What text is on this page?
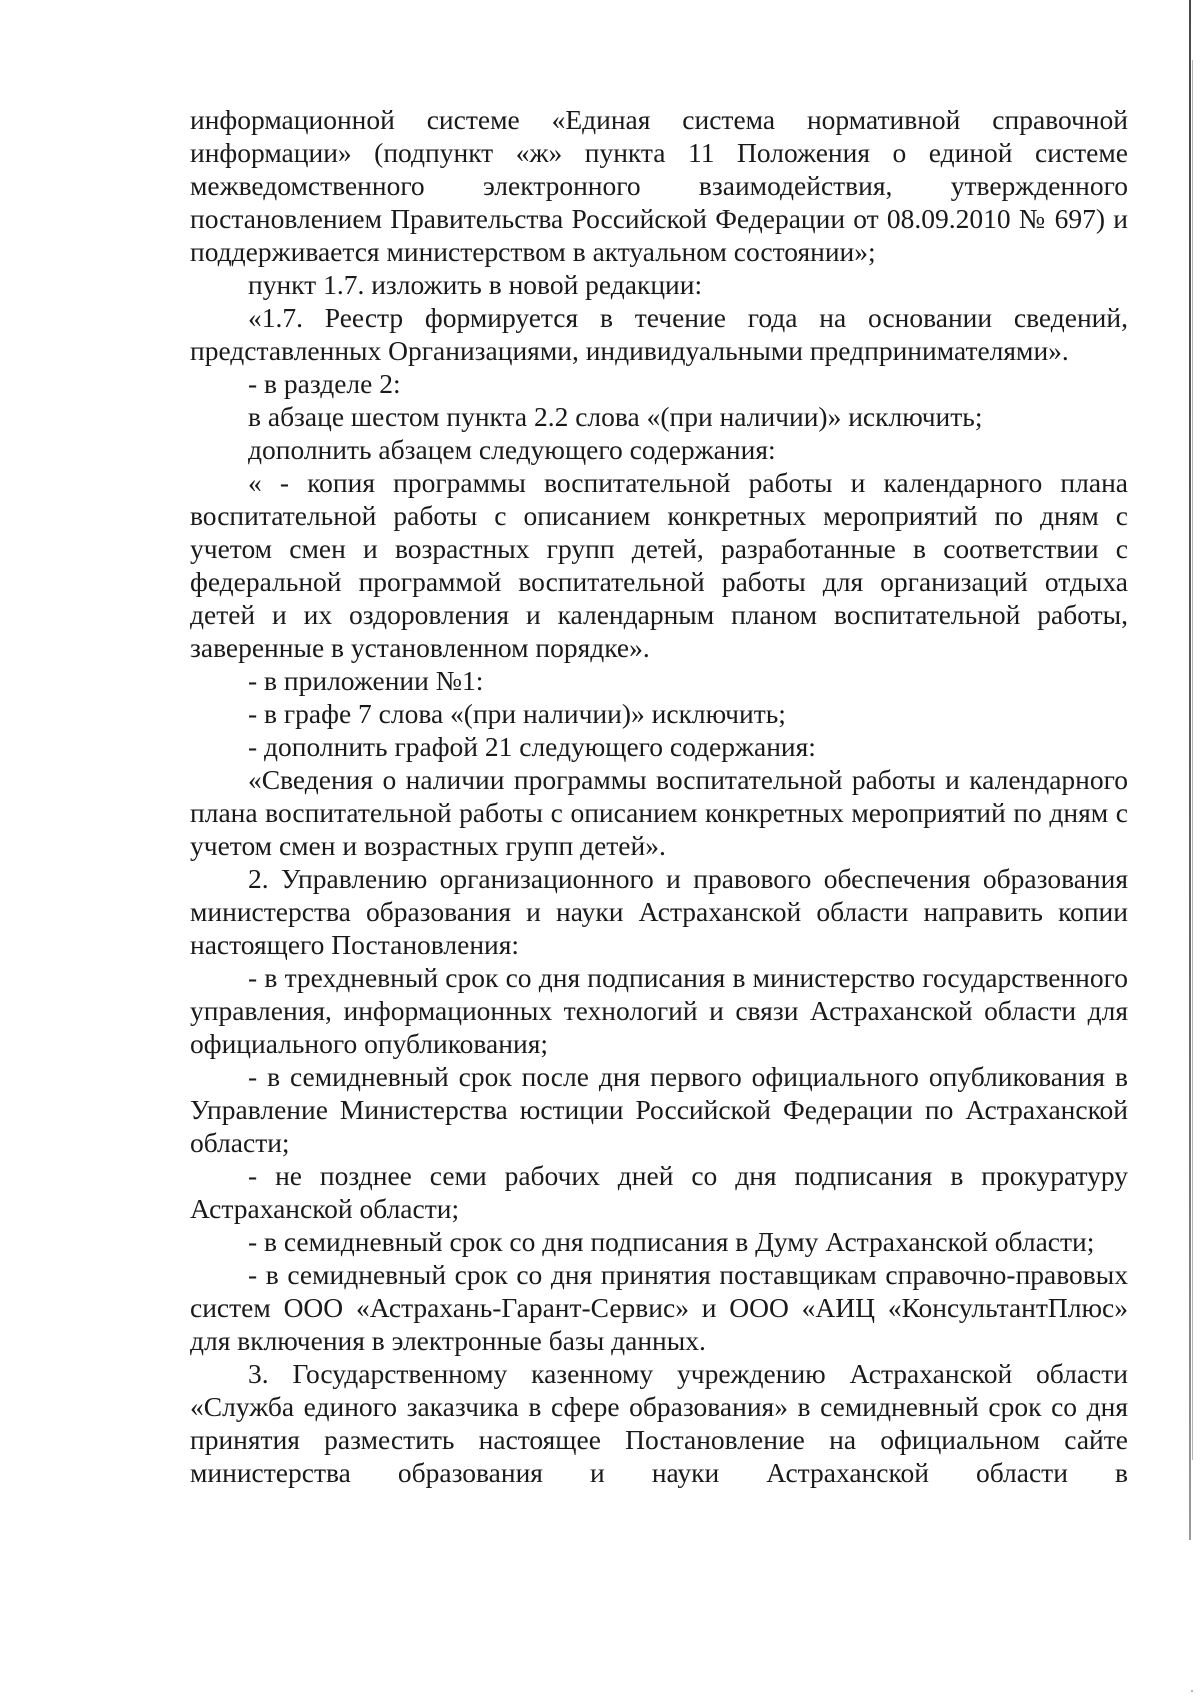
информационной системе «Единая система нормативной справочной информации» (подпункт «ж» пункта 11 Положения о единой системе межведомственного электронного взаимодействия, утвержденного постановлением Правительства Российской Федерации от 08.09.2010 № 697) и поддерживается министерством в актуальном состоянии»;

пункт 1.7. изложить в новой редакции:

«1.7. Реестр формируется в течение года на основании сведений, представленных Организациями, индивидуальными предпринимателями».

- в разделе 2:

в абзаце шестом пункта 2.2 слова «(при наличии)» исключить;

дополнить абзацем следующего содержания:

« - копия программы воспитательной работы и календарного плана воспитательной работы с описанием конкретных мероприятий по дням с учетом смен и возрастных групп детей, разработанные в соответствии с федеральной программой воспитательной работы для организаций отдыха детей и их оздоровления и календарным планом воспитательной работы, заверенные в установленном порядке».

- в приложении №1:

- в графе 7 слова «(при наличии)» исключить;

- дополнить графой 21 следующего содержания:

«Сведения о наличии программы воспитательной работы и календарного плана воспитательной работы с описанием конкретных мероприятий по дням с учетом смен и возрастных групп детей».

2. Управлению организационного и правового обеспечения образования министерства образования и науки Астраханской области направить копии настоящего Постановления:

- в трехдневный срок со дня подписания в министерство государственного управления, информационных технологий и связи Астраханской области для официального опубликования;

- в семидневный срок после дня первого официального опубликования в Управление Министерства юстиции Российской Федерации по Астраханской области;

- не позднее семи рабочих дней со дня подписания в прокуратуру Астраханской области;

- в семидневный срок со дня подписания в Думу Астраханской области;

- в семидневный срок со дня принятия поставщикам справочно-правовых систем ООО «Астрахань-Гарант-Сервис» и ООО «АИЦ «КонсультантПлюс» для включения в электронные базы данных.

3. Государственному казенному учреждению Астраханской области «Служба единого заказчика в сфере образования» в семидневный срок со дня принятия разместить настоящее Постановление на официальном сайте министерства образования и науки Астраханской области в
